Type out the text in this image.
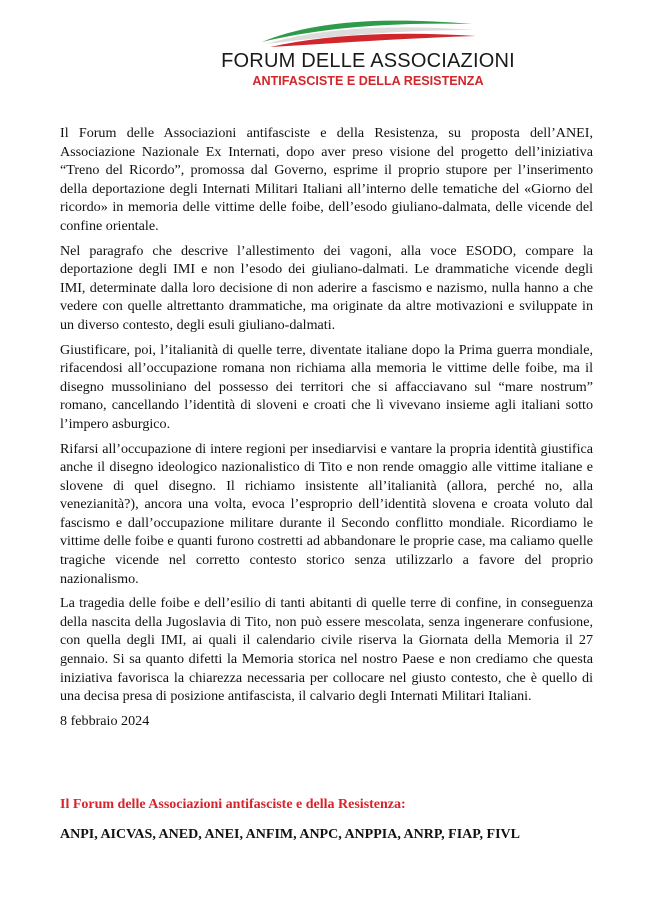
FORUM DELLE ASSOCIAZIONI
ANTIFASCISTE E DELLA RESISTENZA

Il Forum delle Associazioni antifasciste e della Resistenza, su proposta dell’ANEI, Associazione Nazionale Ex Internati, dopo aver preso visione del progetto dell’iniziativa “Treno del Ricordo”, promossa dal Governo, esprime il proprio stupore per l’inserimento della deportazione degli Internati Militari Italiani all’interno delle tematiche del «Giorno del ricordo» in memoria delle vittime delle foibe, dell’esodo giuliano-dalmata, delle vicende del confine orientale.

Nel paragrafo che descrive l’allestimento dei vagoni, alla voce ESODO, compare la deportazione degli IMI e non l’esodo dei giuliano-dalmati. Le drammatiche vicende degli IMI, determinate dalla loro decisione di non aderire a fascismo e nazismo, nulla hanno a che vedere con quelle altrettanto drammatiche, ma originate da altre motivazioni e sviluppate in un diverso contesto, degli esuli giuliano-dalmati.

Giustificare, poi, l’italianità di quelle terre, diventate italiane dopo la Prima guerra mondiale, rifacendosi all’occupazione romana non richiama alla memoria le vittime delle foibe, ma il disegno mussoliniano del possesso dei territori che si affacciavano sul “mare nostrum” romano, cancellando l’identità di sloveni e croati che lì vivevano insieme agli italiani sotto l’impero asburgico.

Rifarsi all’occupazione di intere regioni per insediarvisi e vantare la propria identità giustifica anche il disegno ideologico nazionalistico di Tito e non rende omaggio alle vittime italiane e slovene di quel disegno. Il richiamo insistente all’italianità (allora, perché no, alla venezianità?), ancora una volta, evoca l’esproprio dell’identità slovena e croata voluto dal fascismo e dall’occupazione militare durante il Secondo conflitto mondiale. Ricordiamo le vittime delle foibe e quanti furono costretti ad abbandonare le proprie case, ma caliamo quelle tragiche vicende nel corretto contesto storico senza utilizzarlo a favore del proprio nazionalismo.

La tragedia delle foibe e dell’esilio di tanti abitanti di quelle terre di confine, in conseguenza della nascita della Jugoslavia di Tito, non può essere mescolata, senza ingenerare confusione, con quella degli IMI, ai quali il calendario civile riserva la Giornata della Memoria il 27 gennaio. Si sa quanto difetti la Memoria storica nel nostro Paese e non crediamo che questa iniziativa favorisca la chiarezza necessaria per collocare nel giusto contesto, che è quello di una decisa presa di posizione antifascista, il calvario degli Internati Militari Italiani.

8 febbraio 2024

Il Forum delle Associazioni antifasciste e della Resistenza:
ANPI, AICVAS, ANED, ANEI, ANFIM, ANPC, ANPPIA, ANRP, FIAP, FIVL
